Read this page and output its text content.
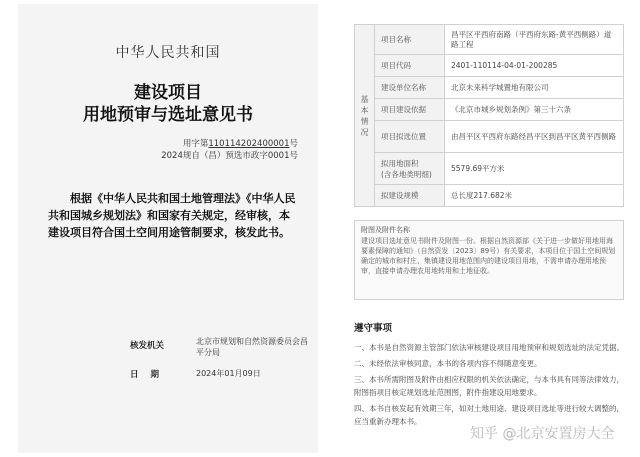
中华人民共和国
建设项目
用地预审与选址意见书
用字第110114202400001号
2024规自（昌）预选市政字0001号
根据《中华人民共和国土地管理法》《中华人民共和国城乡规划法》和国家有关规定，经审核，本建设项目符合国土空间用途管制要求，核发此书。
核发机关	北京市规划和自然资源委员会昌平分局
日期	2024年01月09日
基
本
情
况	项目名称	昌平区平西府南路（平西府东路-黄平西侧路）道路工程
	项目代码	2401-110114-04-01-200285
	建设单位名称	北京未来科学城置地有限公司
	项目建设依据	《北京市城乡规划条例》第三十六条
	项目拟选位置	由昌平区平西府东路经昌平区到昌平区黄平西侧路
	拟用地面积
(含各地类明细)	5579.69平方米
	拟建设规模	总长度217.682米
附图及附件名称
建设项目选址意见书附件及附图一份。根据自然资源部《关于进一步做好用地用海要素保障的通知》（自然资发〔2023〕89号）有关要求，本项目位于国土空间规划确定的城市和村庄、集镇建设用地范围内的建设项目用地，不需申请办理用地预审，直接申请办理农用地转用和土地征收。
遵守事项
一、本书是自然资源主管部门依法审核建设项目用地预审和规划选址的法定凭据。
二、未经依法审核同意，本书的各项内容不得随意变更。
三、本书所需附图及附件由相应权限的机关依法确定，与本书具有同等法律效力，附图指项目核定规划选址范围图，附件指建设用地要求。
四、本书自核发起有效期三年，如对土地用途、建设项目选址等进行较大调整的，应当重新办理本书。
知乎 @北京安置房大全
